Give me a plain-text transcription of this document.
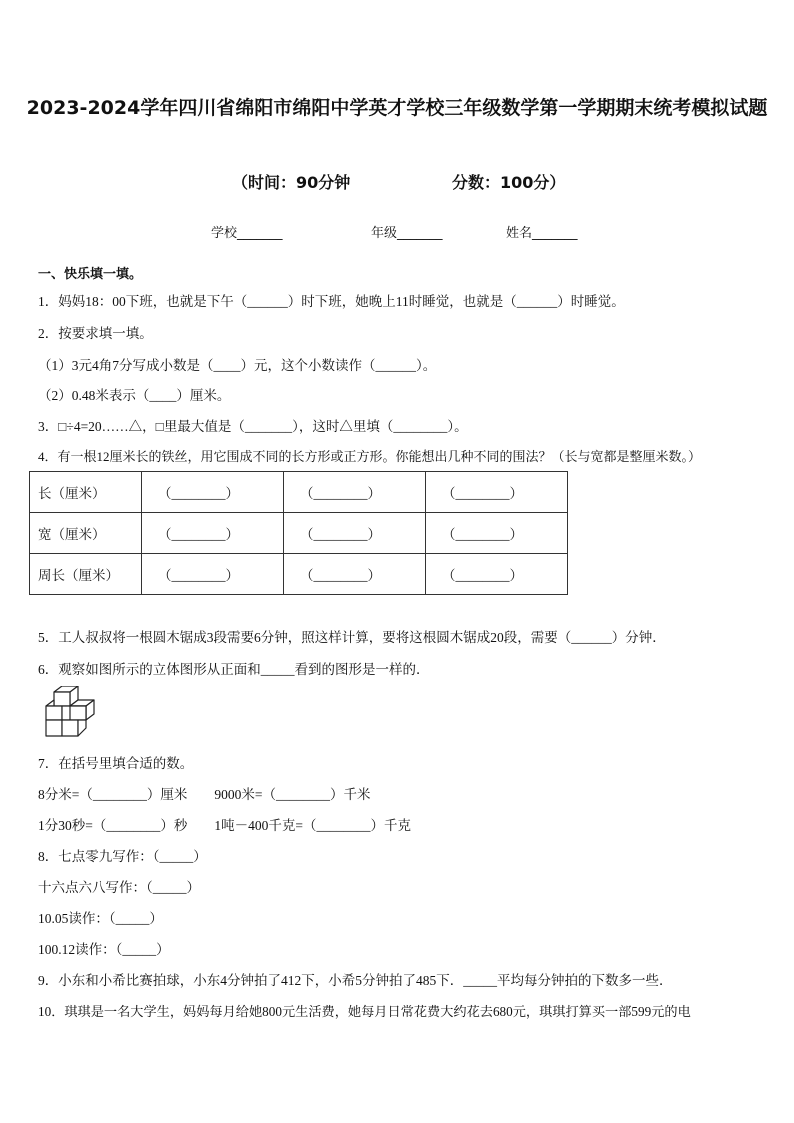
2023-2024学年四川省绵阳市绵阳中学英才学校三年级数学第一学期期末统考模拟试题
（时间：90分钟	分数：100分）
学校_______	年级_______	姓名_______
一、快乐填一填。
1．妈妈18：00下班，也就是下午（______）时下班，她晚上11时睡觉，也就是（______）时睡觉。
2．按要求填一填。
（1）3元4角7分写成小数是（____）元，这个小数读作（______）。
（2）0.48米表示（____）厘米。
3．□÷4=20……△，□里最大值是（_______），这时△里填（________）。
4．有一根12厘米长的铁丝，用它围成不同的长方形或正方形。你能想出几种不同的围法？（长与宽都是整厘米数。）
长（厘米）	（________）	（________）	（________）
宽（厘米）	（________）	（________）	（________）
周长（厘米）	（________）	（________）	（________）
5．工人叔叔将一根圆木锯成3段需要6分钟，照这样计算，要将这根圆木锯成20段，需要（______）分钟．
6．观察如图所示的立体图形从正面和_____看到的图形是一样的．
7．在括号里填合适的数。
8分米=（________）厘米　　9000米=（________）千米
1分30秒=（________）秒　　1吨－400千克=（________）千克
8．七点零九写作：（_____）
十六点六八写作：（_____）
10.05读作：（_____）
100.12读作：（_____）
9．小东和小希比赛拍球，小东4分钟拍了412下，小希5分钟拍了485下．_____平均每分钟拍的下数多一些．
10．琪琪是一名大学生，妈妈每月给她800元生活费，她每月日常花费大约花去680元，琪琪打算买一部599元的电
